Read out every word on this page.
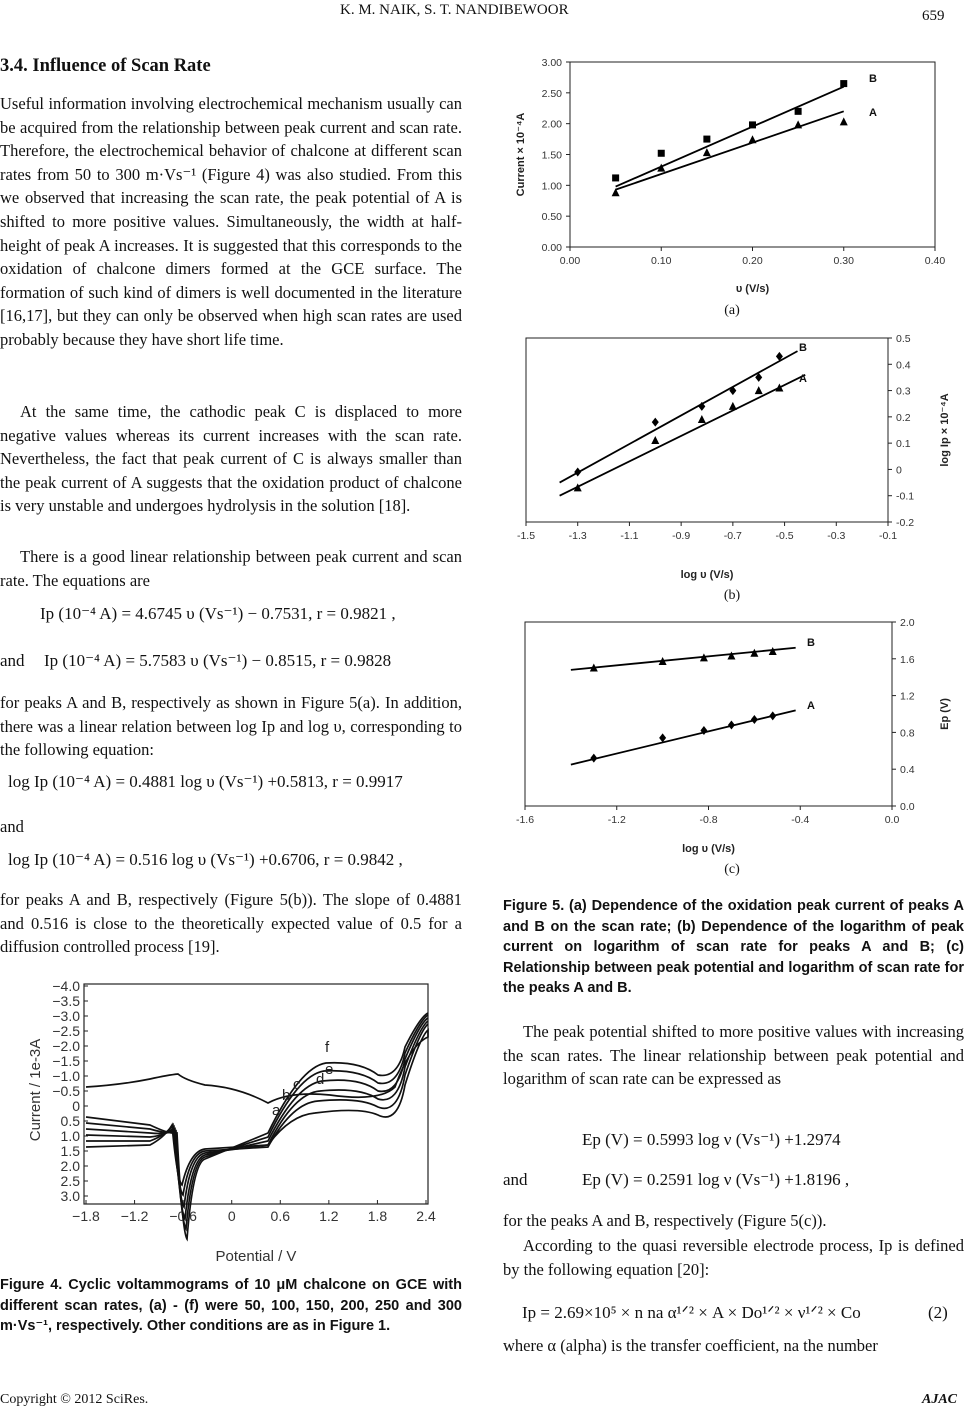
K. M. NAIK, S. T. NANDIBEWOOR	659
3.4. Influence of Scan Rate
Useful information involving electrochemical mechanism usually can be acquired from the relationship between peak current and scan rate. Therefore, the electrochemical behavior of chalcone at different scan rates from 50 to 300 m·Vs⁻¹ (Figure 4) was also studied. From this we observed that increasing the scan rate, the peak potential of A is shifted to more positive values. Simultaneously, the width at half-height of peak A increases. It is suggested that this corresponds to the oxidation of chalcone dimers formed at the GCE surface. The formation of such kind of dimers is well documented in the literature [16,17], but they can only be observed when high scan rates are used probably because they have short life time.
At the same time, the cathodic peak C is displaced to more negative values whereas its current increases with the scan rate. Nevertheless, the fact that peak current of C is always smaller than the peak current of A suggests that the oxidation product of chalcone is very unstable and undergoes hydrolysis in the solution [18].
There is a good linear relationship between peak current and scan rate. The equations are
Ip (10⁻⁴ A) = 4.6745 υ (Vs⁻¹) − 0.7531, r = 0.9821 ,
and Ip (10⁻⁴ A) = 5.7583 υ (Vs⁻¹) − 0.8515, r = 0.9828
for peaks A and B, respectively as shown in Figure 5(a). In addition, there was a linear relation between log Ip and log υ, corresponding to the following equation:
log Ip (10⁻⁴ A) = 0.4881 log υ (Vs⁻¹) +0.5813, r = 0.9917
and
log Ip (10⁻⁴ A) = 0.516 log υ (Vs⁻¹) +0.6706, r = 0.9842 ,
for peaks A and B, respectively (Figure 5(b)). The slope of 0.4881 and 0.516 is close to the theoretically expected value of 0.5 for a diffusion controlled process [19].
−4.0
−3.5
−3.0
−2.5
−2.0
−1.5
−1.0
−0.5
0
0.5
1.0
1.5
2.0
2.5
3.0
−1.8 −1.2 −0.6 0 0.6 1.2 1.8 2.4
a
b
c d
e
f
Current / 1e-3A
Potential / V
Figure 4. Cyclic voltammograms of 10 μM chalcone on GCE with different scan rates, (a) - (f) were 50, 100, 150, 200, 250 and 300 m·Vs⁻¹, respectively. Other conditions are as in Figure 1.
0.00
0.50
1.00
1.50
2.00
2.50
3.00
0.00	0.10	0.20	0.30	0.40
υ (V/s)
Current × 10⁻⁴A
B
A
(a)
-0.2
-0.1
0
0.1
0.2
0.3
0.4
0.5
-1.5	-1.3	-1.1	-0.9	-0.7	-0.5	-0.3	-0.1
log υ (V/s)
log Ip × 10⁻⁴A
B
A
(b)
0.0
0.4
0.8
1.2
1.6
2.0
-1.6	-1.2	-0.8	-0.4	0.0
log υ (V/s)
Ep (V)
B
A
(c)
Figure 5. (a) Dependence of the oxidation peak current of peaks A and B on the scan rate; (b) Dependence of the logarithm of peak current on logarithm of scan rate for peaks A and B; (c) Relationship between peak potential and logarithm of scan rate for the peaks A and B.
The peak potential shifted to more positive values with increasing the scan rates. The linear relationship between peak potential and logarithm of scan rate can be expressed as
Ep (V) = 0.5993 log ν (Vs⁻¹) +1.2974
and	Ep (V) = 0.2591 log ν (Vs⁻¹) +1.8196 ,
for the peaks A and B, respectively (Figure 5(c)).
According to the quasi reversible electrode process, Ip is defined by the following equation [20]:
Ip = 2.69×10⁵ × n na α¹ᐟ² × A × Do¹ᐟ² × ν¹ᐟ² × Co	(2)
where α (alpha) is the transfer coefficient, na the number
Copyright © 2012 SciRes.	AJAC
